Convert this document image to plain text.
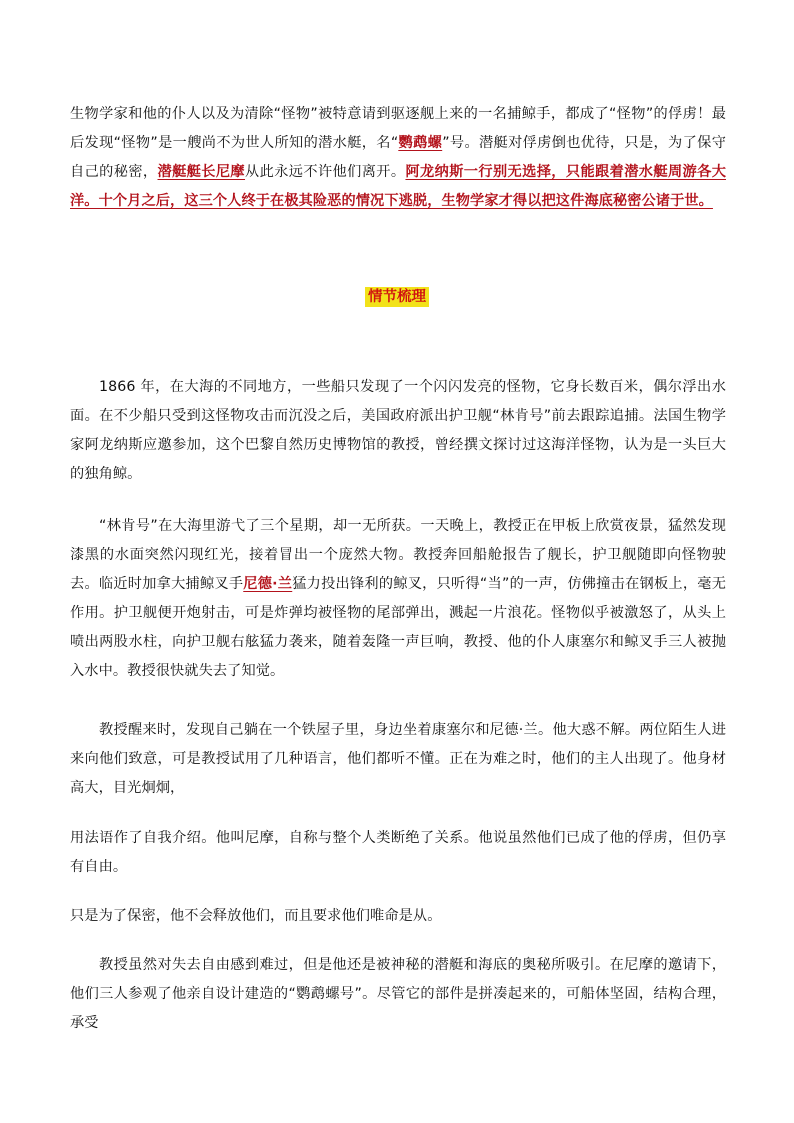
生物学家和他的仆人以及为清除“怪物”被特意请到驱逐舰上来的一名捕鲸手，都成了“怪物”的俘虏！最后发现“怪物”是一艘尚不为世人所知的潜水艇，名“鹦鹉螺”号。潜艇对俘虏倒也优待，只是，为了保守自己的秘密，潜艇艇长尼摩从此永远不许他们离开。阿龙纳斯一行别无选择，只能跟着潜水艇周游各大洋。十个月之后，这三个人终于在极其险恶的情况下逃脱，生物学家才得以把这件海底秘密公诸于世。

情节梳理

1866 年，在大海的不同地方，一些船只发现了一个闪闪发亮的怪物，它身长数百米，偶尔浮出水面。在不少船只受到这怪物攻击而沉没之后，美国政府派出护卫舰“林肯号”前去跟踪追捕。法国生物学家阿龙纳斯应邀参加，这个巴黎自然历史博物馆的教授，曾经撰文探讨过这海洋怪物，认为是一头巨大的独角鲸。

“林肯号”在大海里游弋了三个星期，却一无所获。一天晚上，教授正在甲板上欣赏夜景，猛然发现漆黑的水面突然闪现红光，接着冒出一个庞然大物。教授奔回船舱报告了舰长，护卫舰随即向怪物驶去。临近时加拿大捕鲸叉手尼德·兰猛力投出锋利的鲸叉，只听得“当”的一声，仿佛撞击在钢板上，毫无作用。护卫舰便开炮射击，可是炸弹均被怪物的尾部弹出，溅起一片浪花。怪物似乎被激怒了，从头上喷出两股水柱，向护卫舰右舷猛力袭来，随着轰隆一声巨响，教授、他的仆人康塞尔和鲸叉手三人被抛入水中。教授很快就失去了知觉。

教授醒来时，发现自己躺在一个铁屋子里，身边坐着康塞尔和尼德·兰。他大惑不解。两位陌生人进来向他们致意，可是教授试用了几种语言，他们都听不懂。正在为难之时，他们的主人出现了。他身材高大，目光炯炯，

用法语作了自我介绍。他叫尼摩，自称与整个人类断绝了关系。他说虽然他们已成了他的俘虏，但仍享有自由。

只是为了保密，他不会释放他们，而且要求他们唯命是从。

教授虽然对失去自由感到难过，但是他还是被神秘的潜艇和海底的奥秘所吸引。在尼摩的邀请下，他们三人参观了他亲自设计建造的“鹦鹉螺号”。尽管它的部件是拼凑起来的，可船体坚固，结构合理，承受
